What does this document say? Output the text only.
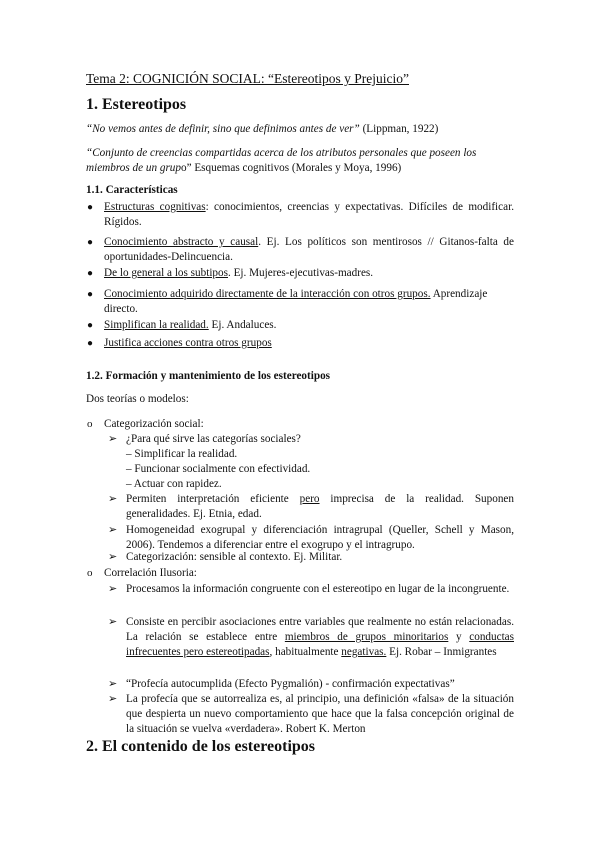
Tema 2: COGNICIÓN SOCIAL: “Estereotipos y Prejuicio”
1. Estereotipos
“No vemos antes de definir, sino que definimos antes de ver” (Lippman, 1922)
“Conjunto de creencias compartidas acerca de los atributos personales que poseen los miembros de un grupo” Esquemas cognitivos (Morales y Moya, 1996)
1.1. Características
● Estructuras cognitivas: conocimientos, creencias y expectativas. Difíciles de modificar. Rígidos.
● Conocimiento abstracto y causal. Ej. Los políticos son mentirosos // Gitanos-falta de oportunidades-Delincuencia.
● De lo general a los subtipos. Ej. Mujeres-ejecutivas-madres.
● Conocimiento adquirido directamente de la interacción con otros grupos. Aprendizaje directo.
● Simplifican la realidad. Ej. Andaluces.
● Justifica acciones contra otros grupos
1.2. Formación y mantenimiento de los estereotipos
Dos teorías o modelos:
o Categorización social:
➢ ¿Para qué sirve las categorías sociales?
– Simplificar la realidad.
– Funcionar socialmente con efectividad.
– Actuar con rapidez.
➢ Permiten interpretación eficiente pero imprecisa de la realidad. Suponen generalidades. Ej. Etnia, edad.
➢ Homogeneidad exogrupal y diferenciación intragrupal (Queller, Schell y Mason, 2006). Tendemos a diferenciar entre el exogrupo y el intragrupo.
➢ Categorización: sensible al contexto. Ej. Militar.
o Correlación Ilusoria:
➢ Procesamos la información congruente con el estereotipo en lugar de la incongruente.
➢ Consiste en percibir asociaciones entre variables que realmente no están relacionadas. La relación se establece entre miembros de grupos minoritarios y conductas infrecuentes pero estereotipadas, habitualmente negativas. Ej. Robar – Inmigrantes
➢ “Profecía autocumplida (Efecto Pygmalión) - confirmación expectativas”
➢ La profecía que se autorrealiza es, al principio, una definición «falsa» de la situación que despierta un nuevo comportamiento que hace que la falsa concepción original de la situación se vuelva «verdadera». Robert K. Merton
2. El contenido de los estereotipos
